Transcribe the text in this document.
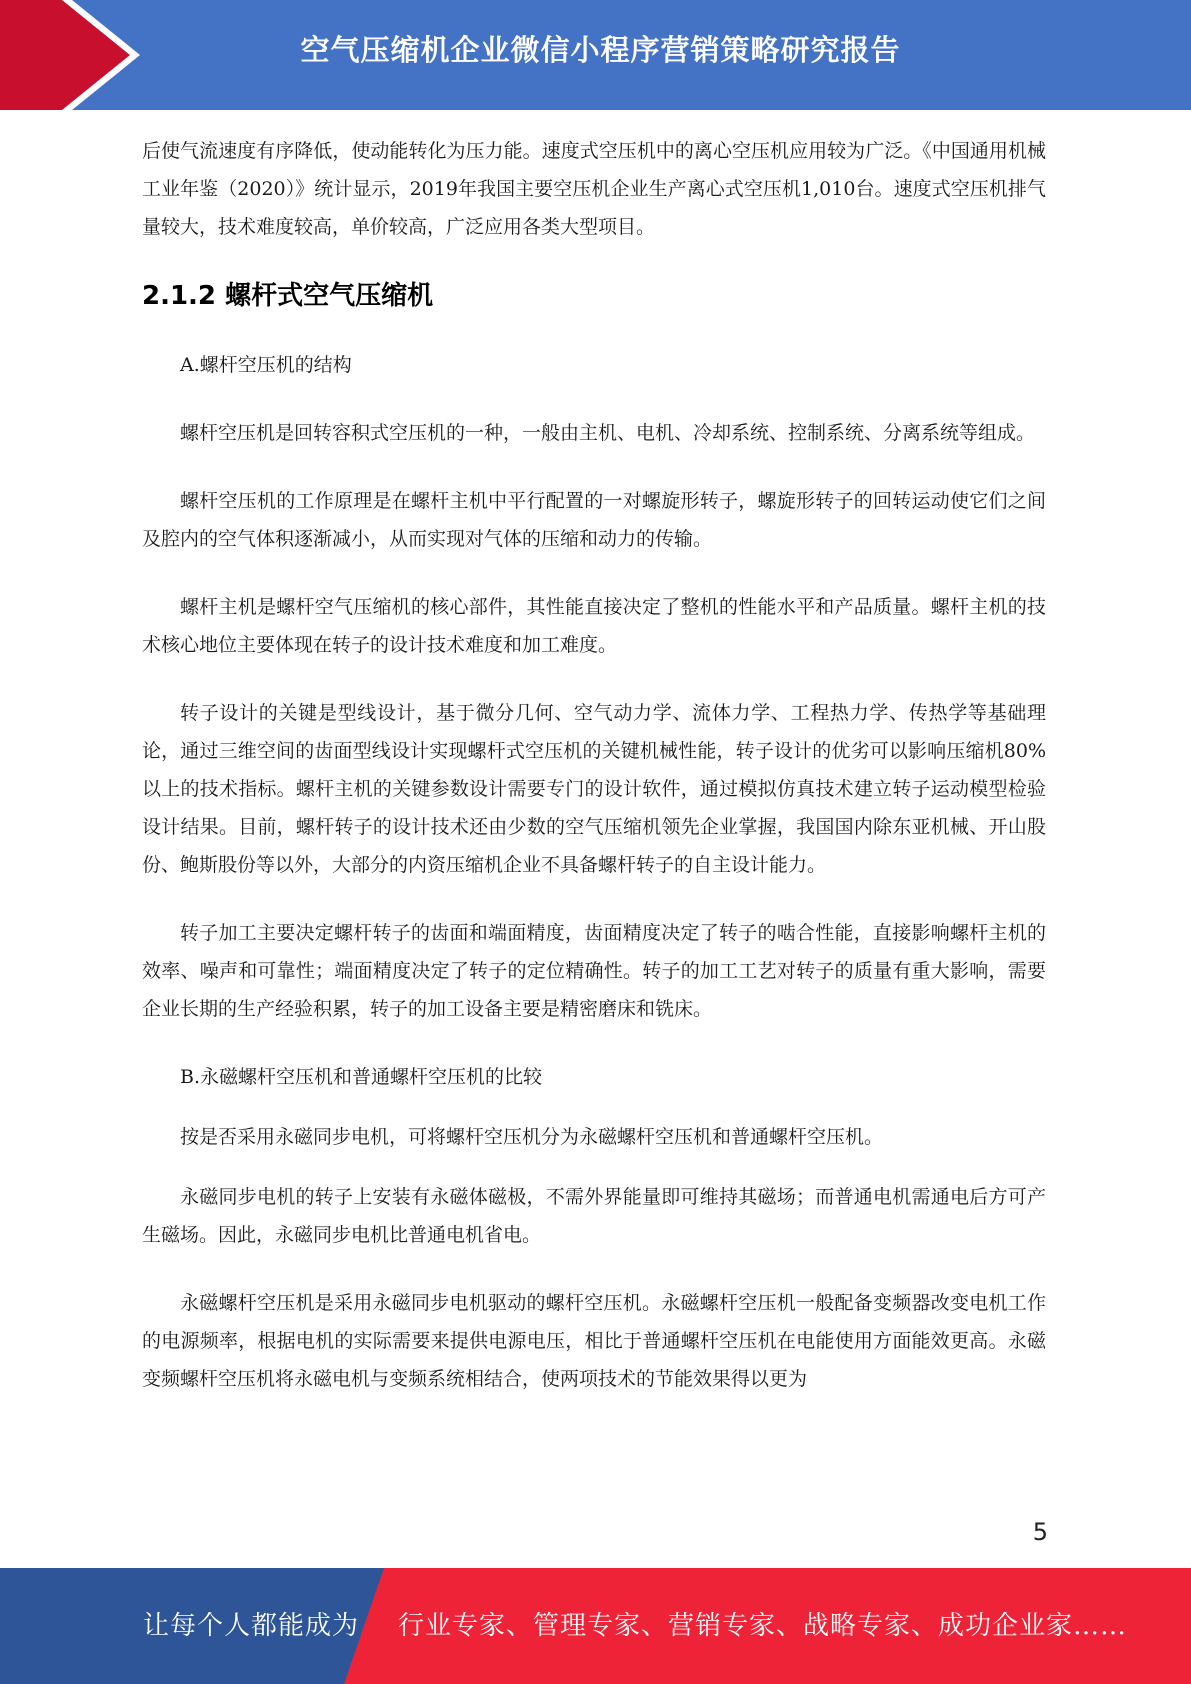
空气压缩机企业微信小程序营销策略研究报告

后使气流速度有序降低，使动能转化为压力能。速度式空压机中的离心空压机应用较为广泛。《中国通用机械工业年鉴（2020）》统计显示，2019年我国主要空压机企业生产离心式空压机1,010台。速度式空压机排气量较大，技术难度较高，单价较高，广泛应用各类大型项目。

2.1.2 螺杆式空气压缩机

A.螺杆空压机的结构

螺杆空压机是回转容积式空压机的一种，一般由主机、电机、冷却系统、控制系统、分离系统等组成。

螺杆空压机的工作原理是在螺杆主机中平行配置的一对螺旋形转子，螺旋形转子的回转运动使它们之间及腔内的空气体积逐渐减小，从而实现对气体的压缩和动力的传输。

螺杆主机是螺杆空气压缩机的核心部件，其性能直接决定了整机的性能水平和产品质量。螺杆主机的技术核心地位主要体现在转子的设计技术难度和加工难度。

转子设计的关键是型线设计，基于微分几何、空气动力学、流体力学、工程热力学、传热学等基础理论，通过三维空间的齿面型线设计实现螺杆式空压机的关键机械性能，转子设计的优劣可以影响压缩机80%以上的技术指标。螺杆主机的关键参数设计需要专门的设计软件，通过模拟仿真技术建立转子运动模型检验设计结果。目前，螺杆转子的设计技术还由少数的空气压缩机领先企业掌握，我国国内除东亚机械、开山股份、鲍斯股份等以外，大部分的内资压缩机企业不具备螺杆转子的自主设计能力。

转子加工主要决定螺杆转子的齿面和端面精度，齿面精度决定了转子的啮合性能，直接影响螺杆主机的效率、噪声和可靠性；端面精度决定了转子的定位精确性。转子的加工工艺对转子的质量有重大影响，需要企业长期的生产经验积累，转子的加工设备主要是精密磨床和铣床。

B.永磁螺杆空压机和普通螺杆空压机的比较

按是否采用永磁同步电机，可将螺杆空压机分为永磁螺杆空压机和普通螺杆空压机。

永磁同步电机的转子上安装有永磁体磁极，不需外界能量即可维持其磁场；而普通电机需通电后方可产生磁场。因此，永磁同步电机比普通电机省电。

永磁螺杆空压机是采用永磁同步电机驱动的螺杆空压机。永磁螺杆空压机一般配备变频器改变电机工作的电源频率，根据电机的实际需要来提供电源电压，相比于普通螺杆空压机在电能使用方面能效更高。永磁变频螺杆空压机将永磁电机与变频系统相结合，使两项技术的节能效果得以更为

5
让每个人都能成为 行业专家、管理专家、营销专家、战略专家、成功企业家……
